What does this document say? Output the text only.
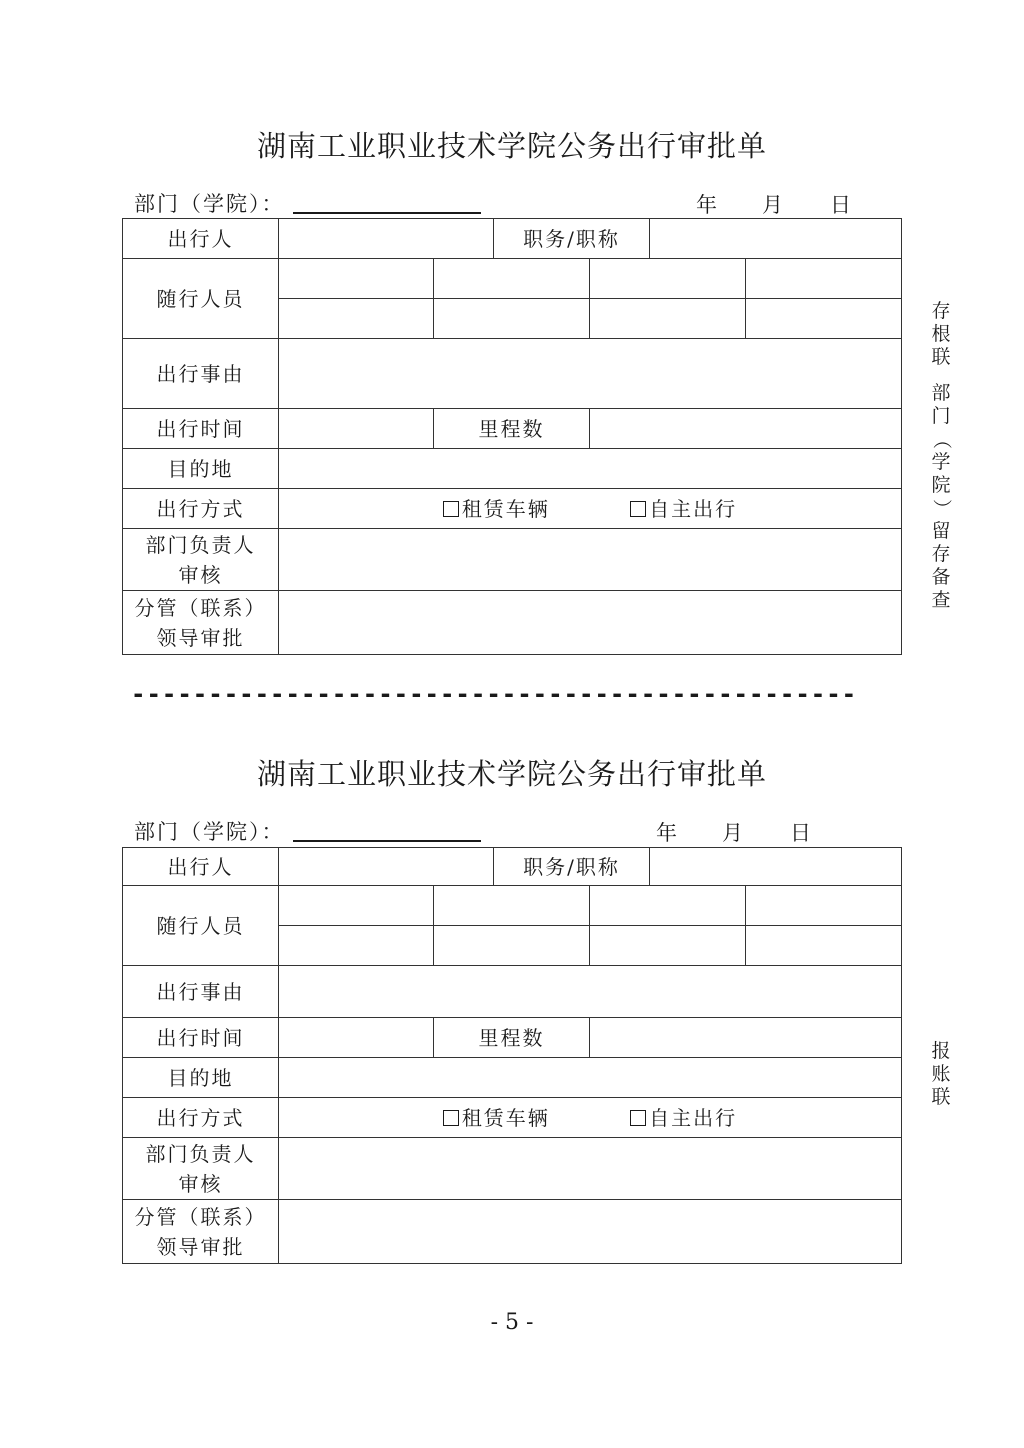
湖南工业职业技术学院公务出行审批单
部门（学院）：	年 月 日
出行人			职务/职称			
随行人员						

出行事由						
出行时间		里程数				
目的地						
出行方式	租赁车辆 自主出行					

部门负责人
审核						

分管（联系）
领导审批						

存
根
联
部
门
（
学
院
）
留
存
备
查
-----------------------------------------------
湖南工业职业技术学院公务出行审批单
部门（学院）：	年 月 日
出行人			职务/职称			
随行人员						

出行事由						
出行时间		里程数				
目的地						
出行方式	租赁车辆 自主出行					

部门负责人
审核						

分管（联系）
领导审批						

报
账
联
- 5 -
